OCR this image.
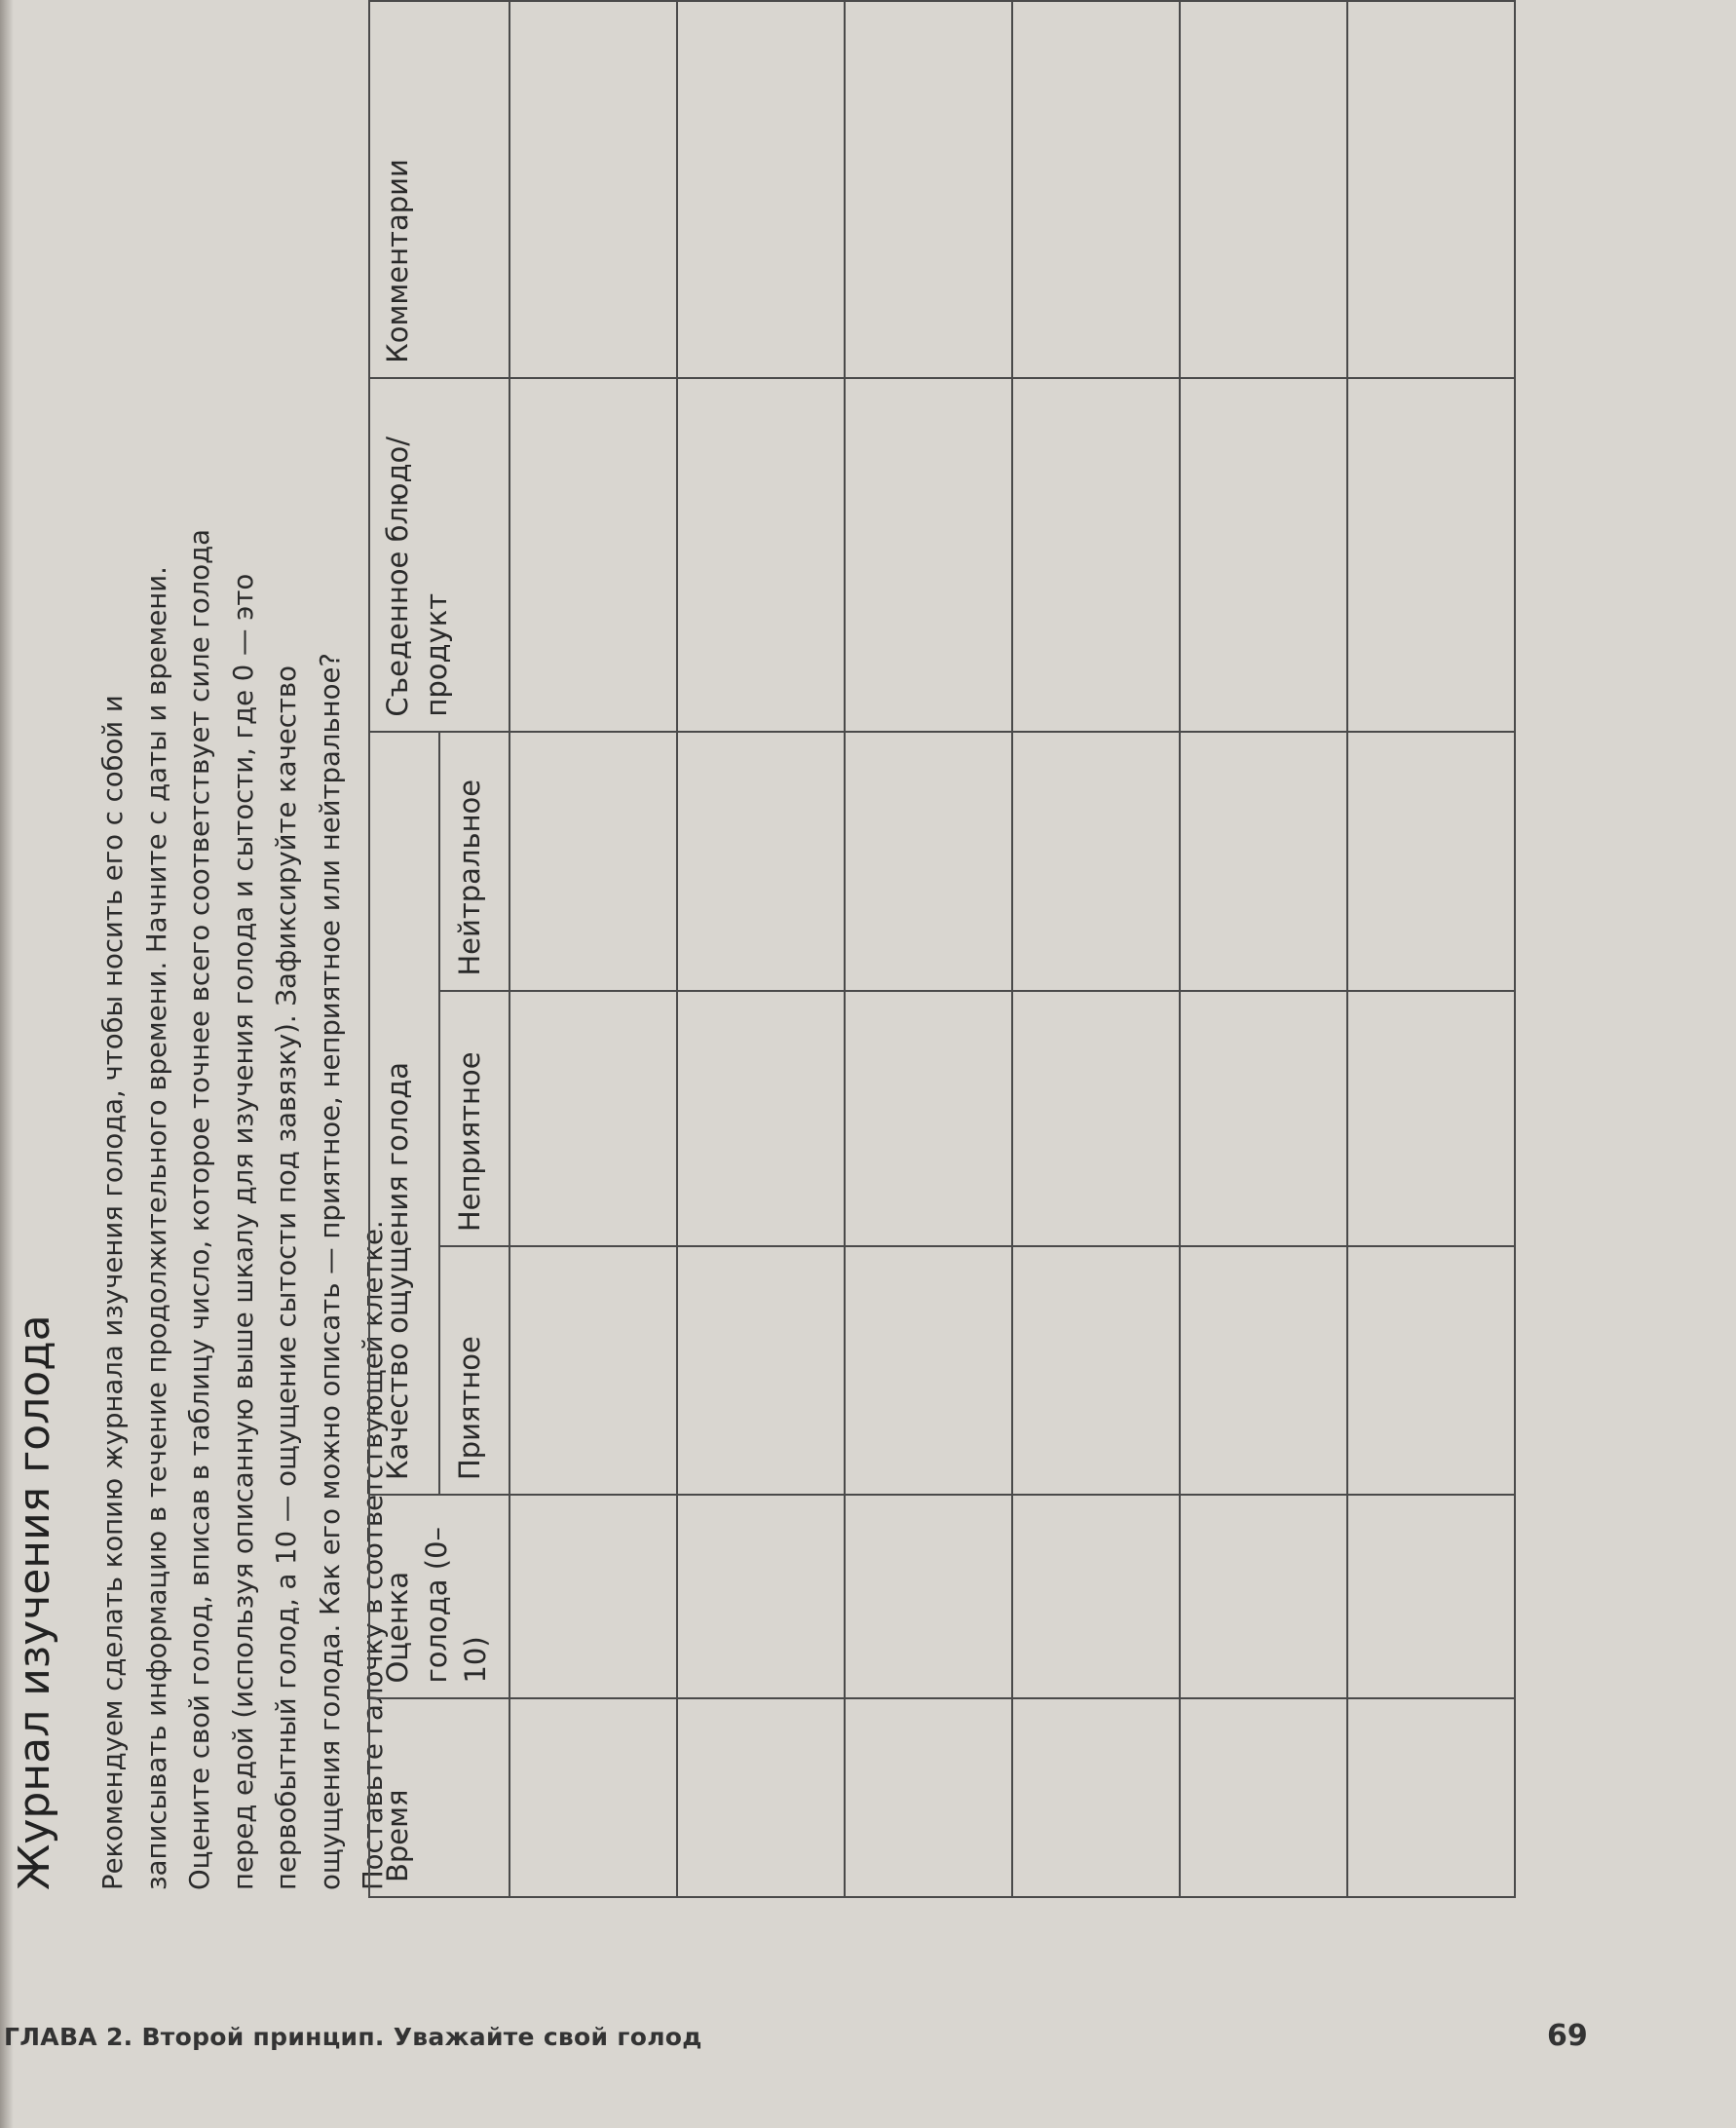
Журнал изучения голода Рекомендуем сделать копию журнала изучения голода, чтобы носить его с собой и записывать информацию в течение продолжительного времени. Начните с даты и времени. Оцените свой голод, вписав в таблицу число, которое точнее всего соответствует силе голода перед едой (используя описанную выше шкалу для изучения голода и сытости, где 0 — это первобытный голод, а 10 — ощущение сытости под завязку). Зафиксируйте качество ощущения голода. Как его можно описать — приятное, неприятное или нейтральное? Поставьте галочку в соответствующей клетке.
Время	Оценка голода (0–10)	Качество ощущения голода			Съеденное блюдо/ продукт	Комментарии
		Приятное	Неприятное	Нейтральное		

ГЛАВА 2. Второй принцип. Уважайте свой голод	69
